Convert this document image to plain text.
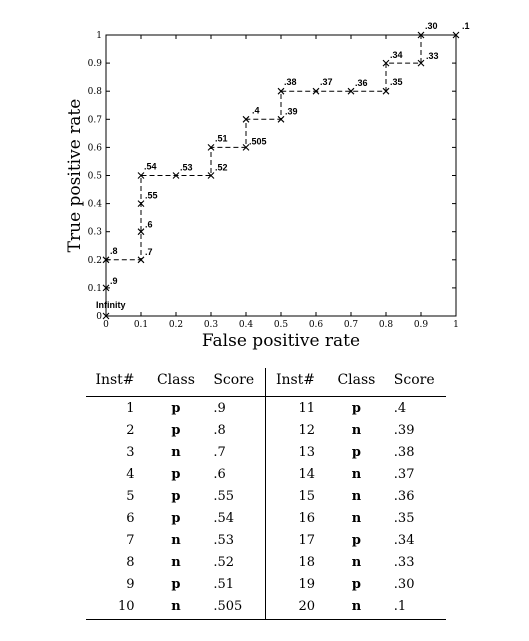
0	0.1 0.2 0.3 0.4 0.5 0.6 0.7 0.8 0.9	1
0
0.1
0.2
0.3
0.4
0.5
0.6
0.7
0.8
0.9
1
Infinity
.9
.8	.7
.6
.55
.54	.53 .52
.51 .505
.4	.39
.38	.37 .36 .35
.34	.33
.30	.1
False positive rate
True positive rate
Inst#	Class	Score	Inst#	Class	Score
1	p	.9	11	p	.4
2	p	.8	12	n	.39
3	n	.7	13	p	.38
4	p	.6	14	n	.37
5	p	.55	15	n	.36
6	p	.54	16	n	.35
7	n	.53	17	p	.34
8	n	.52	18	n	.33
9	p	.51	19	p	.30
10	n	.505	20	n	.1
